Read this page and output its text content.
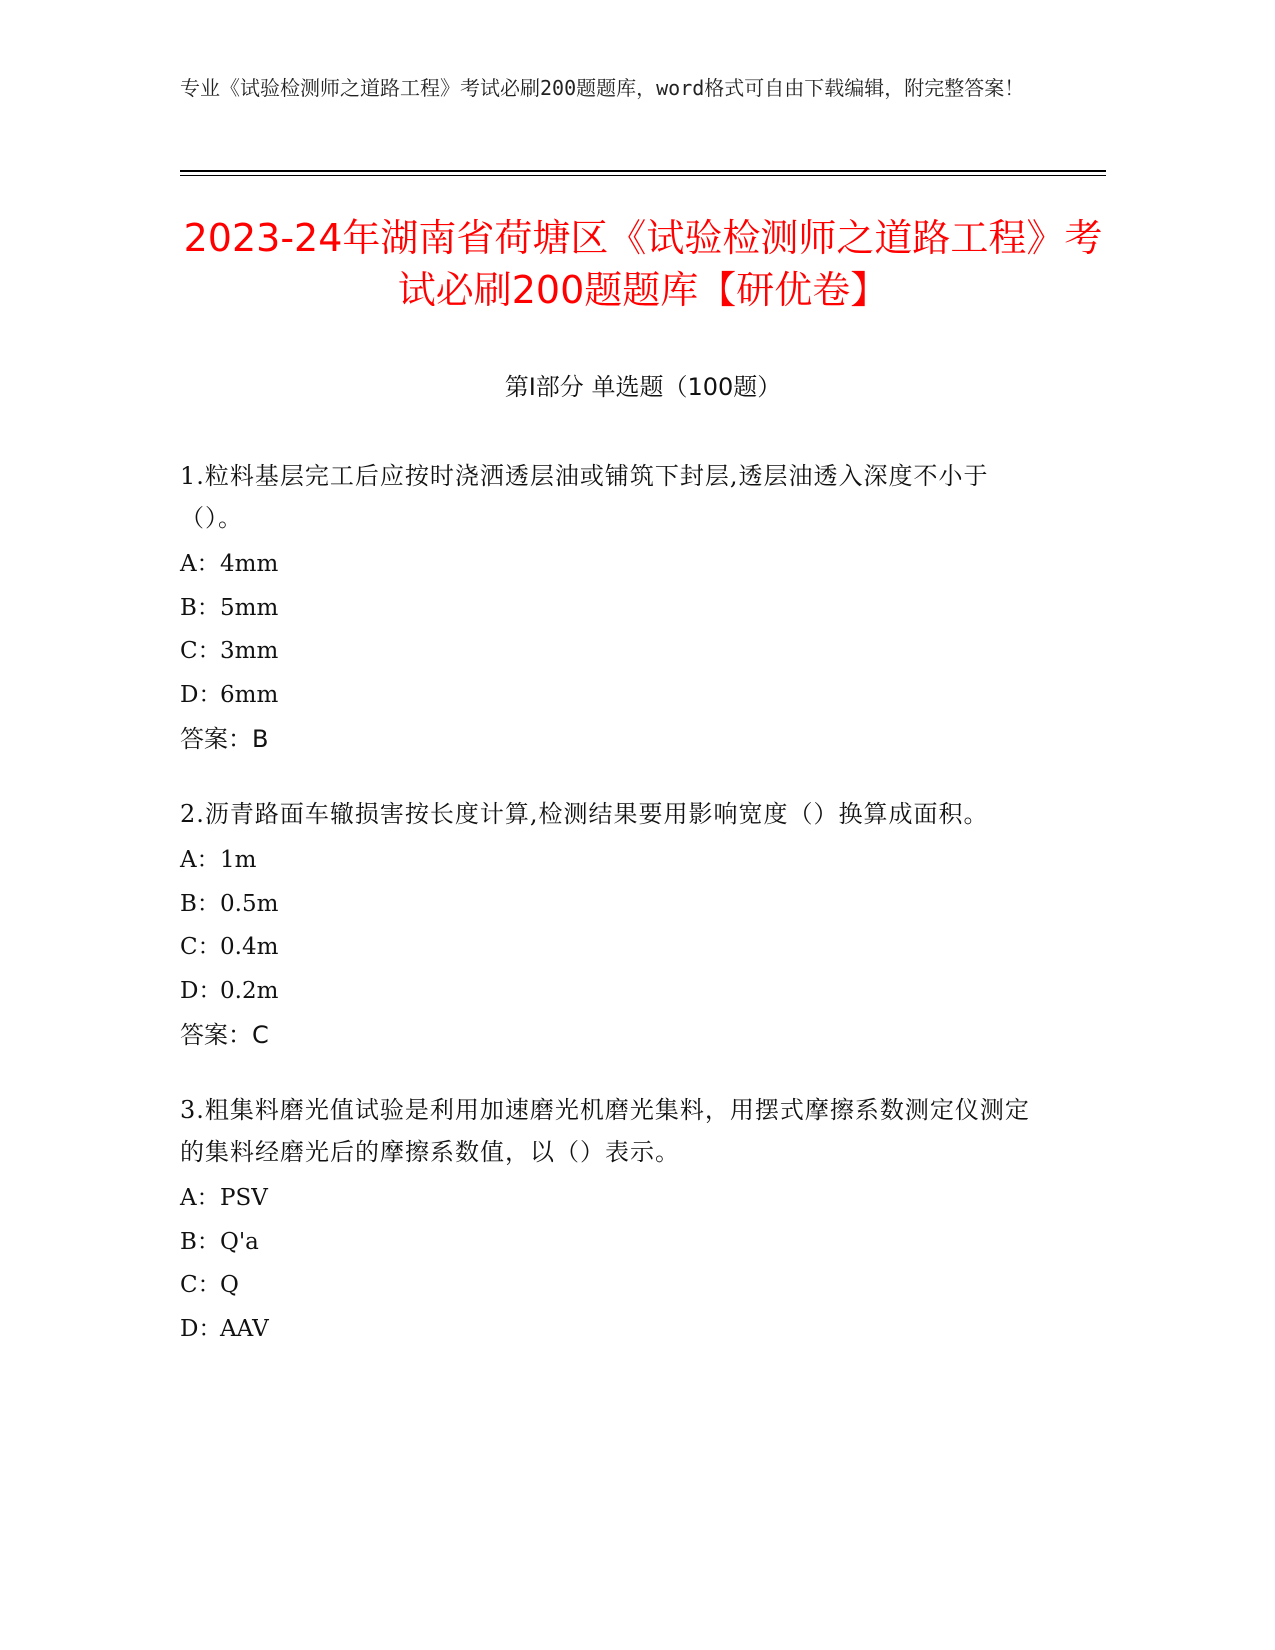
专业《试验检测师之道路工程》考试必刷200题题库，word格式可自由下载编辑，附完整答案！
2023-24年湖南省荷塘区《试验检测师之道路工程》考试必刷200题题库【研优卷】
第I部分 单选题（100题）
1.粒料基层完工后应按时浇洒透层油或铺筑下封层,透层油透入深度不小于（）。
A： 4mm
B： 5mm
C： 3mm
D：
6mm
答案：B
2.沥青路面车辙损害按长度计算,检测结果要用影响宽度（）换算成面积。
A： 1m
B： 0.5m
C： 0.4m
D：
0.2m
答案：C
3.粗集料磨光值试验是利用加速磨光机磨光集料，用摆式摩擦系数测定仪测定的集料经磨光后的摩擦系数值，以（）表示。
A： PSV
B： Q'a
C： Q
D：
AAV
